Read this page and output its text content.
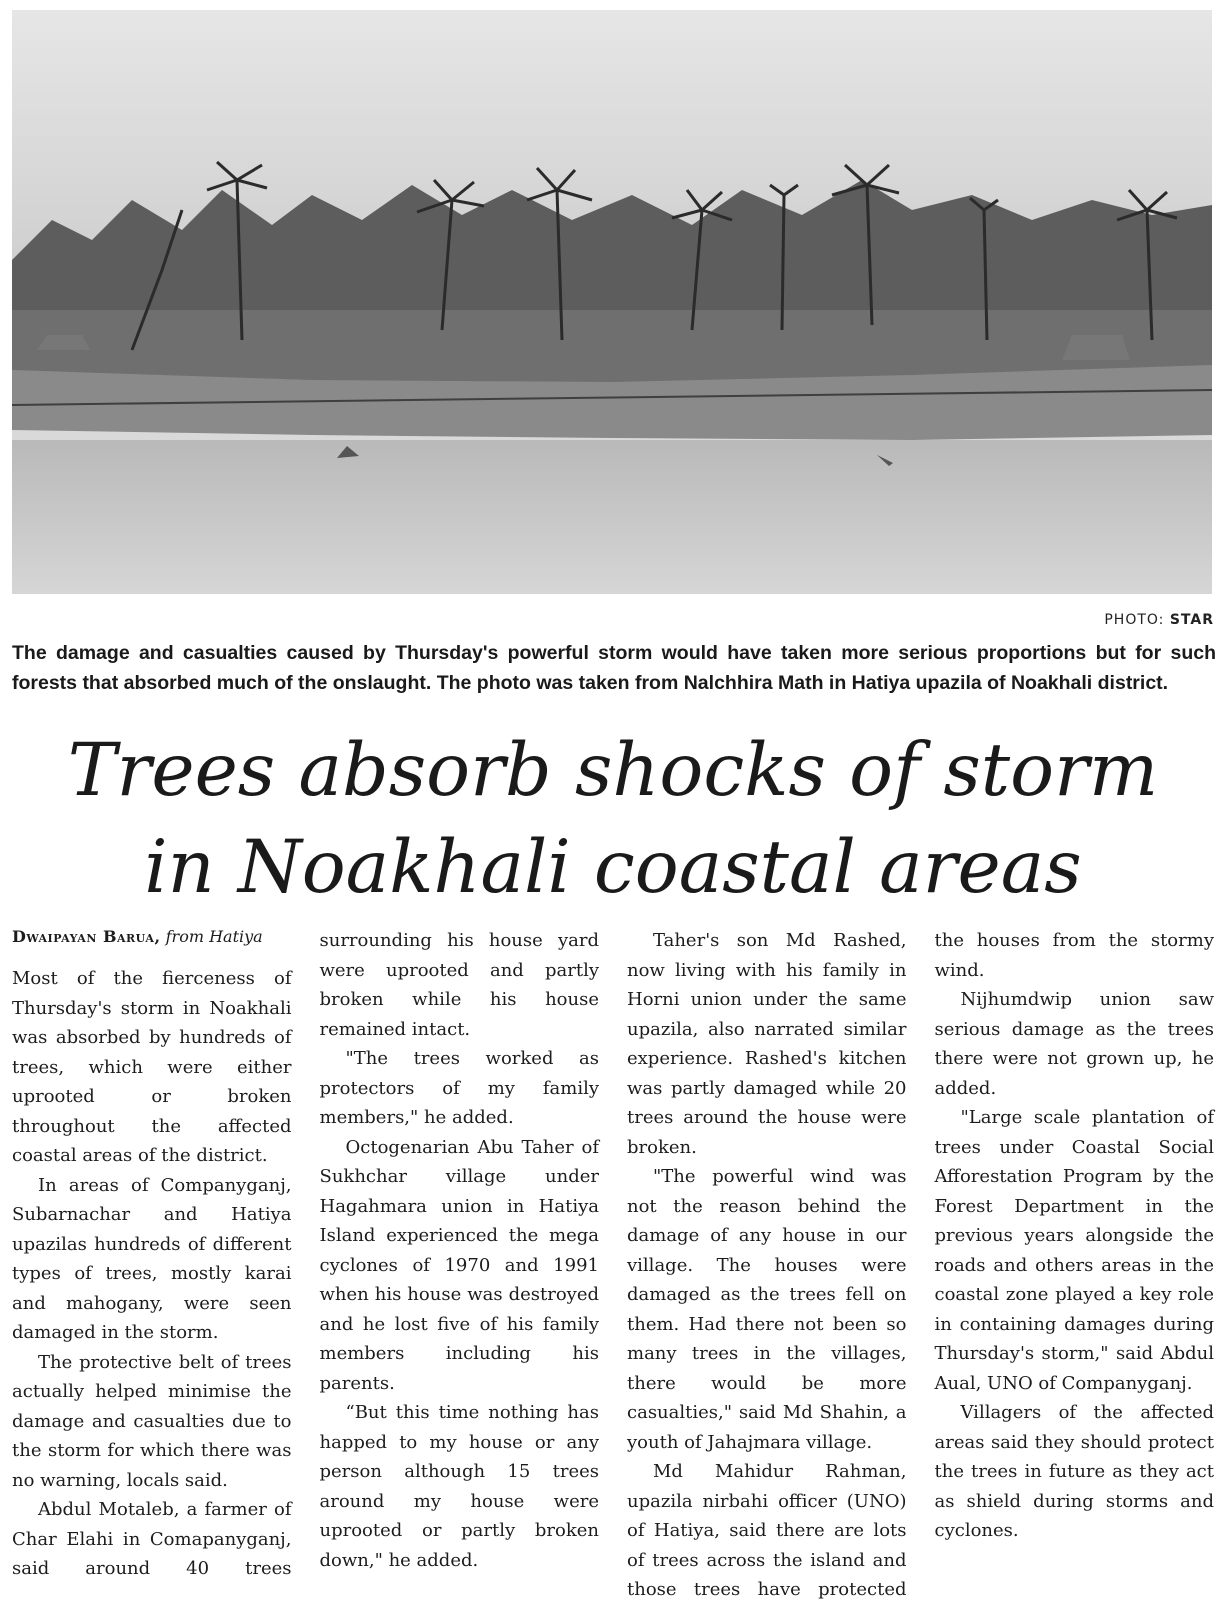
PHOTO: STAR
The damage and casualties caused by Thursday's powerful storm would have taken more serious proportions but for such forests that absorbed much of the onslaught. The photo was taken from Nalchhira Math in Hatiya upazila of Noakhali district.
Trees absorb shocks of storm
in Noakhali coastal areas
Dwaipayan Barua, from Hatiya

Most of the fierceness of Thursday's storm in Noakhali was absorbed by hundreds of trees, which were either uprooted or broken throughout the affected coastal areas of the district.

In areas of Companyganj, Subarnachar and Hatiya upazilas hundreds of different types of trees, mostly karai and mahogany, were seen damaged in the storm.

The protective belt of trees actually helped minimise the damage and casualties due to the storm for which there was no warning, locals said.

Abdul Motaleb, a farmer of Char Elahi in Comapanyganj, said around 40 trees surrounding his house yard were uprooted and partly broken while his house remained intact.

"The trees worked as protectors of my family members," he added.

Octogenarian Abu Taher of Sukhchar village under Hagahmara union in Hatiya Island experienced the mega cyclones of 1970 and 1991 when his house was destroyed and he lost five of his family members including his parents.

“But this time nothing has happed to my house or any person although 15 trees around my house were uprooted or partly broken down," he added.

Taher's son Md Rashed, now living with his family in Horni union under the same upazila, also narrated similar experience. Rashed's kitchen was partly damaged while 20 trees around the house were broken.

"The powerful wind was not the reason behind the damage of any house in our village. The houses were damaged as the trees fell on them. Had there not been so many trees in the villages, there would be more casualties," said Md Shahin, a youth of Jahajmara village.

Md Mahidur Rahman, upazila nirbahi officer (UNO) of Hatiya, said there are lots of trees across the island and those trees have protected the houses from the stormy wind.

Nijhumdwip union saw serious damage as the trees there were not grown up, he added.

"Large scale plantation of trees under Coastal Social Afforestation Program by the Forest Department in the previous years alongside the roads and others areas in the coastal zone played a key role in containing damages during Thursday's storm," said Abdul Aual, UNO of Companyganj.

Villagers of the affected areas said they should protect the trees in future as they act as shield during storms and cyclones.
